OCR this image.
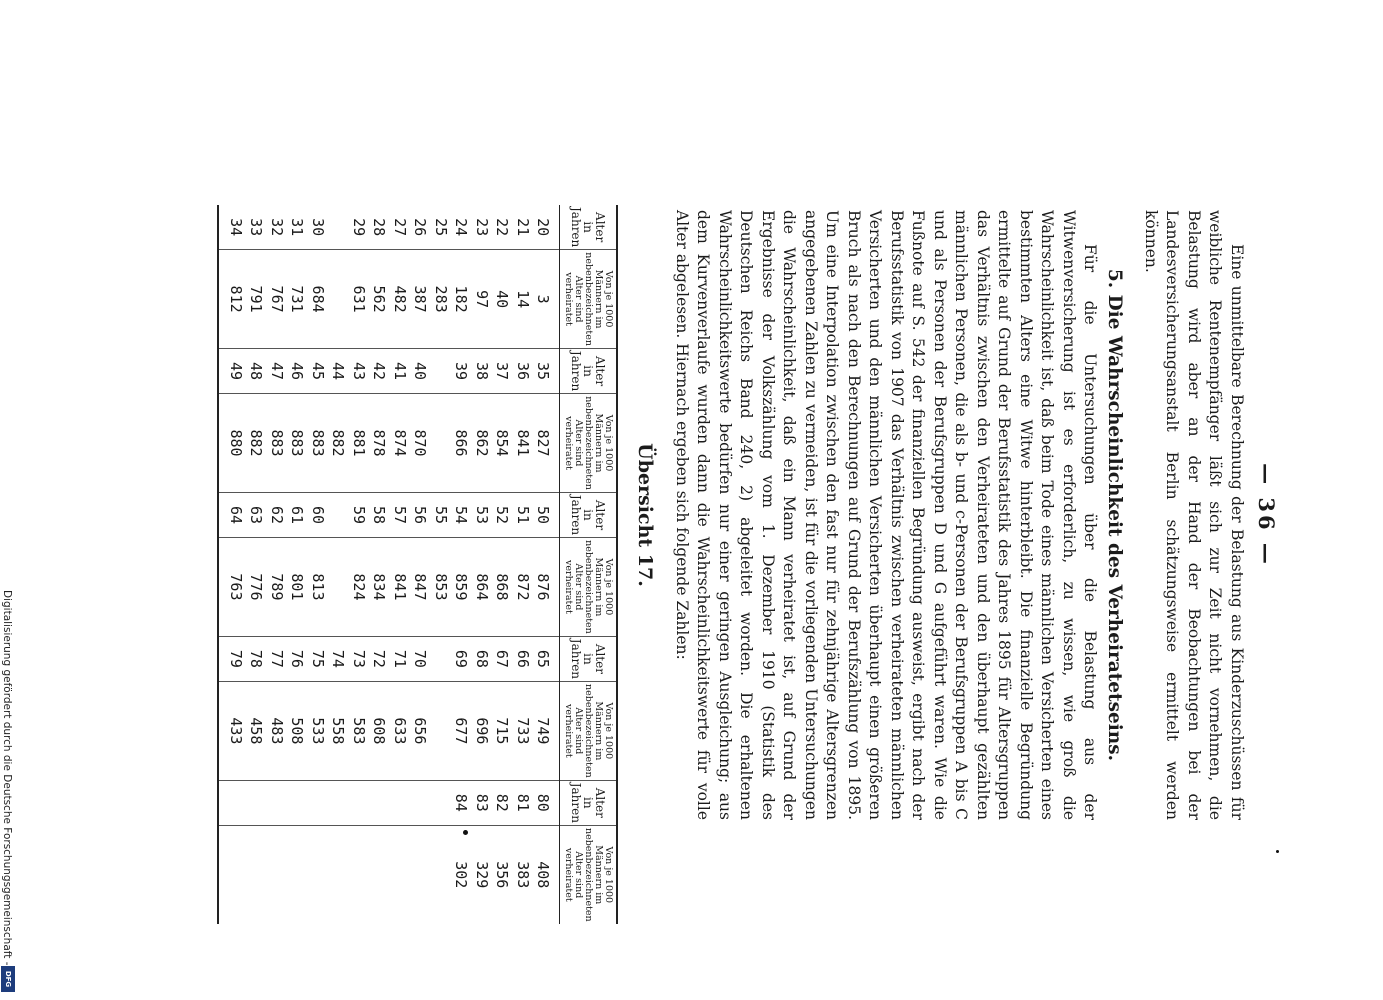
Digitalisierung gefördert durch die Deutsche Forschungsgemeinschaft -
DFG
— 36 —

Eine unmittelbare Berechnung der Belastung aus Kinderzuschüssen für weibliche Rentenempfänger läßt sich zur Zeit nicht vornehmen, die Belastung wird aber an der Hand der Beobachtungen bei der Landesversicherungsanstalt Berlin schätzungsweise ermittelt werden können.

5. Die Wahrscheinlichkeit des Verheiratetseins.

Für die Untersuchungen über die Belastung aus der Witwenversicherung ist es erforderlich, zu wissen, wie groß die Wahrscheinlichkeit ist, daß beim Tode eines männlichen Versicherten eines bestimmten Alters eine Witwe hinterbleibt. Die finanzielle Begründung ermittelte auf Grund der Berufsstatistik des Jahres 1895 für Altersgruppen das Verhältnis zwischen den Verheirateten und den überhaupt gezählten männlichen Personen, die als b- und c-Personen der Berufsgruppen A bis C und als Personen der Berufsgruppen D und G aufgeführt waren. Wie die Fußnote auf S. 542 der finanziellen Begründung ausweist, ergibt nach der Berufsstatistik von 1907 das Verhältnis zwischen verheirateten männlichen Versicherten und den männlichen Versicherten überhaupt einen größeren Bruch als nach den Berechnungen auf Grund der Berufszählung von 1895. Um eine Interpolation zwischen den fast nur für zehnjährige Altersgrenzen angegebenen Zahlen zu vermeiden, ist für die vorliegenden Untersuchungen die Wahrscheinlichkeit, daß ein Mann verheiratet ist, auf Grund der Ergebnisse der Volkszählung vom 1. Dezember 1910 (Statistik des Deutschen Reichs Band 240, 2) abgeleitet worden. Die erhaltenen Wahrscheinlichkeitswerte bedürfen nur einer geringen Ausgleichung; aus dem Kurvenverlaufe wurden dann die Wahrscheinlichkeitswerte für volle Alter abgelesen. Hiernach ergeben sich folgende Zahlen:

Übersicht 17.
Alter in Jahren	Von je 1000 Männern im nebenbezeichneten Alter sind verheiratet	Alter in Jahren	Von je 1000 Männern im nebenbezeichneten Alter sind verheiratet	Alter in Jahren	Von je 1000 Männern im nebenbezeichneten Alter sind verheiratet	Alter in Jahren	Von je 1000 Männern im nebenbezeichneten Alter sind verheiratet	Alter in Jahren	Von je 1000 Männern im nebenbezeichneten Alter sind verheiratet
20	3	35	827	50	876	65	749	80	408
21	14	36	841	51	872	66	733	81	383
22	40	37	854	52	868	67	715	82	356
23	97	38	862	53	864	68	696	83	329
24	182	39	866	54	859	69	677	84	302
25	283			55	853				
26	387	40	870	56	847	70	656		
27	482	41	874	57	841	71	633		
28	562	42	878	58	834	72	608		
29	631	43	881	59	824	73	583		
		44	882			74	558		
30	684	45	883	60	813	75	533		
31	731	46	883	61	801	76	508		
32	767	47	883	62	789	77	483		
33	791	48	882	63	776	78	458		
34	812	49	880	64	763	79	433		
